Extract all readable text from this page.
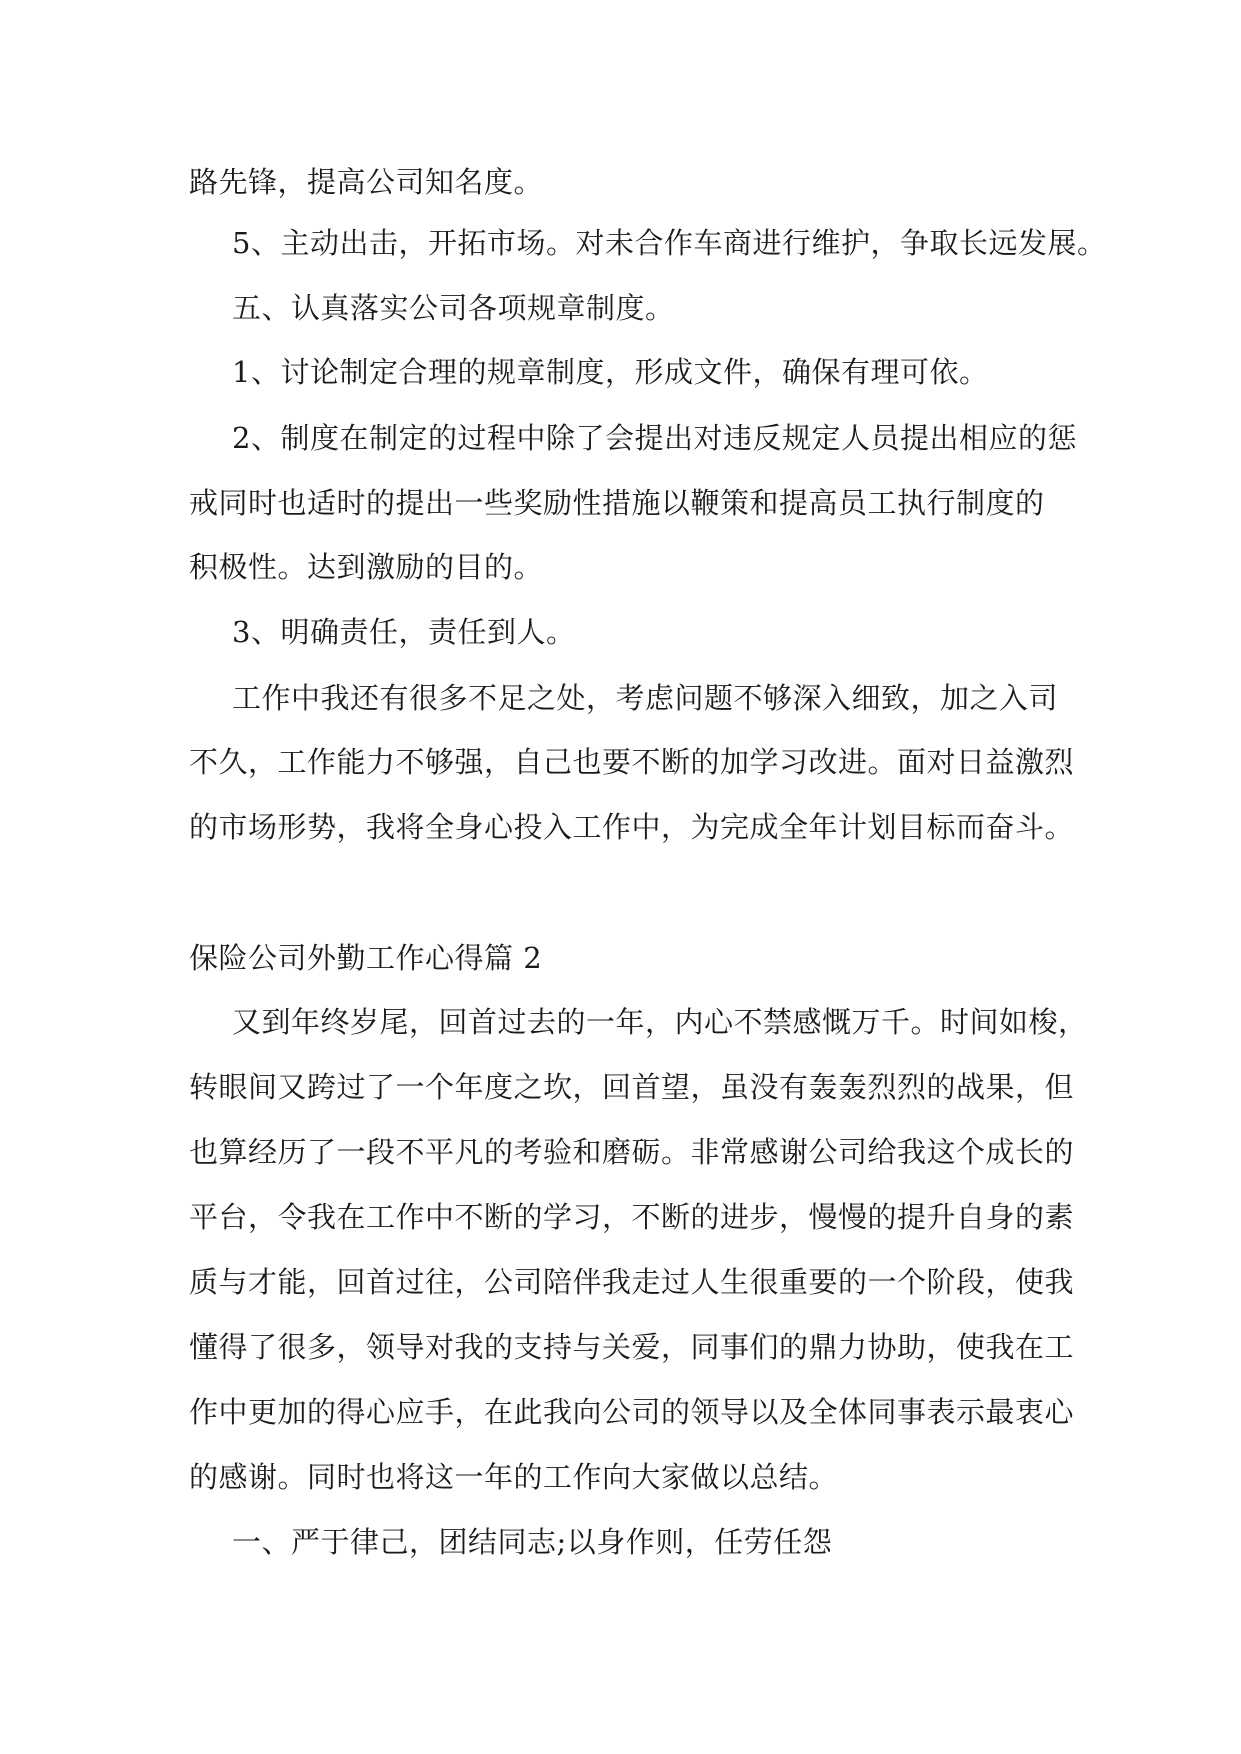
路先锋，提高公司知名度。
5、主动出击，开拓市场。对未合作车商进行维护，争取长远发展。
五、认真落实公司各项规章制度。
1、讨论制定合理的规章制度，形成文件，确保有理可依。
2、制度在制定的过程中除了会提出对违反规定人员提出相应的惩
戒同时也适时的提出一些奖励性措施以鞭策和提高员工执行制度的
积极性。达到激励的目的。
3、明确责任，责任到人。
工作中我还有很多不足之处，考虑问题不够深入细致，加之入司
不久，工作能力不够强，自己也要不断的加学习改进。面对日益激烈
的市场形势，我将全身心投入工作中，为完成全年计划目标而奋斗。
保险公司外勤工作心得篇 2
又到年终岁尾，回首过去的一年，内心不禁感慨万千。时间如梭，
转眼间又跨过了一个年度之坎，回首望，虽没有轰轰烈烈的战果，但
也算经历了一段不平凡的考验和磨砺。非常感谢公司给我这个成长的
平台，令我在工作中不断的学习，不断的进步，慢慢的提升自身的素
质与才能，回首过往，公司陪伴我走过人生很重要的一个阶段，使我
懂得了很多，领导对我的支持与关爱，同事们的鼎力协助，使我在工
作中更加的得心应手，在此我向公司的领导以及全体同事表示最衷心
的感谢。同时也将这一年的工作向大家做以总结。
一、严于律己，团结同志;以身作则，任劳任怨
